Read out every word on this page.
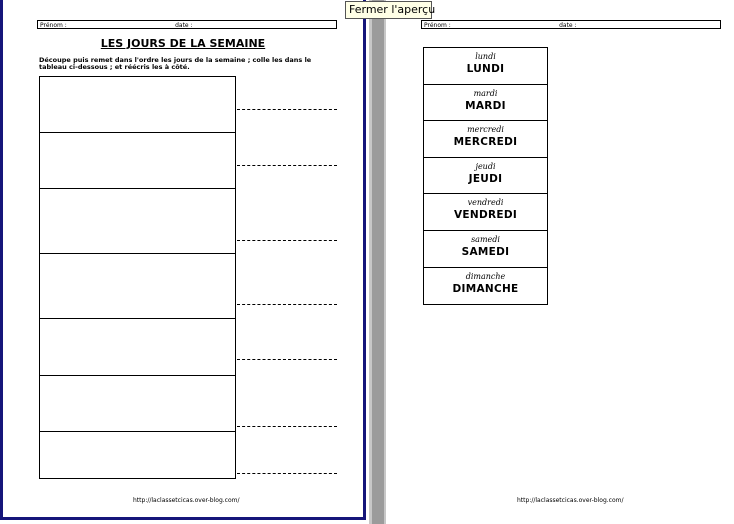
Prénom :	date :
LES JOURS DE LA SEMAINE
Découpe puis remet dans l'ordre les jours de la semaine ; colle les dans le tableau ci-dessous ; et réécris les à côté.
http://laclassetcicas.over-blog.com/
Prénom :	date :
http://laclassetcicas.over-blog.com/
lundi
LUNDI
mardi
MARDI
mercredi
MERCREDI
jeudi
JEUDI
vendredi
VENDREDI
samedi
SAMEDI
dimanche
DIMANCHE
Fermer l'aperçu
